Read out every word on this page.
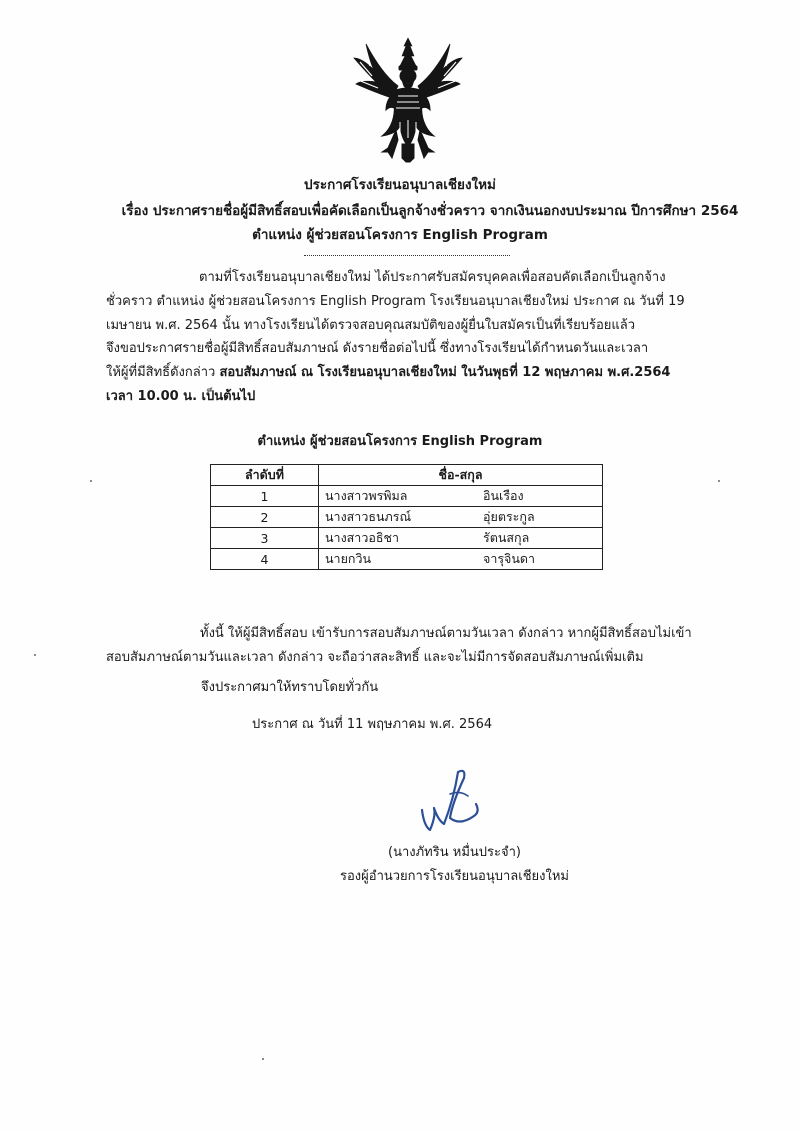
ประกาศโรงเรียนอนุบาลเชียงใหม่
เรื่อง ประกาศรายชื่อผู้มีสิทธิ์สอบเพื่อคัดเลือกเป็นลูกจ้างชั่วคราว จากเงินนอกงบประมาณ ปีการศึกษา 2564
ตำแหน่ง ผู้ช่วยสอนโครงการ English Program
ตามที่โรงเรียนอนุบาลเชียงใหม่ ได้ประกาศรับสมัครบุคคลเพื่อสอบคัดเลือกเป็นลูกจ้าง
ชั่วคราว ตำแหน่ง ผู้ช่วยสอนโครงการ English Program โรงเรียนอนุบาลเชียงใหม่ ประกาศ ณ วันที่ 19
เมษายน พ.ศ. 2564 นั้น ทางโรงเรียนได้ตรวจสอบคุณสมบัติของผู้ยื่นใบสมัครเป็นที่เรียบร้อยแล้ว
จึงขอประกาศรายชื่อผู้มีสิทธิ์สอบสัมภาษณ์ ดังรายชื่อต่อไปนี้ ซึ่งทางโรงเรียนได้กำหนดวันและเวลา
ให้ผู้ที่มีสิทธิ์ดังกล่าว สอบสัมภาษณ์ ณ โรงเรียนอนุบาลเชียงใหม่ ในวันพุธที่ 12 พฤษภาคม พ.ศ.2564
เวลา 10.00 น. เป็นต้นไป
ตำแหน่ง ผู้ช่วยสอนโครงการ English Program
ลำดับที่	ชื่อ-สกุล
1	นางสาวพรพิมล อินเรือง
2	นางสาวธนภรณ์ อุ่ยตระกูล
3	นางสาวอธิชา รัตนสกุล
4	นายกวิน จารุจินดา
ทั้งนี้ ให้ผู้มีสิทธิ์สอบ เข้ารับการสอบสัมภาษณ์ตามวันเวลา ดังกล่าว หากผู้มีสิทธิ์สอบไม่เข้า
สอบสัมภาษณ์ตามวันและเวลา ดังกล่าว จะถือว่าสละสิทธิ์ และจะไม่มีการจัดสอบสัมภาษณ์เพิ่มเติม
จึงประกาศมาให้ทราบโดยทั่วกัน
ประกาศ ณ วันที่ 11 พฤษภาคม พ.ศ. 2564
(นางภัทริน หมื่นประจำ)
รองผู้อำนวยการโรงเรียนอนุบาลเชียงใหม่
